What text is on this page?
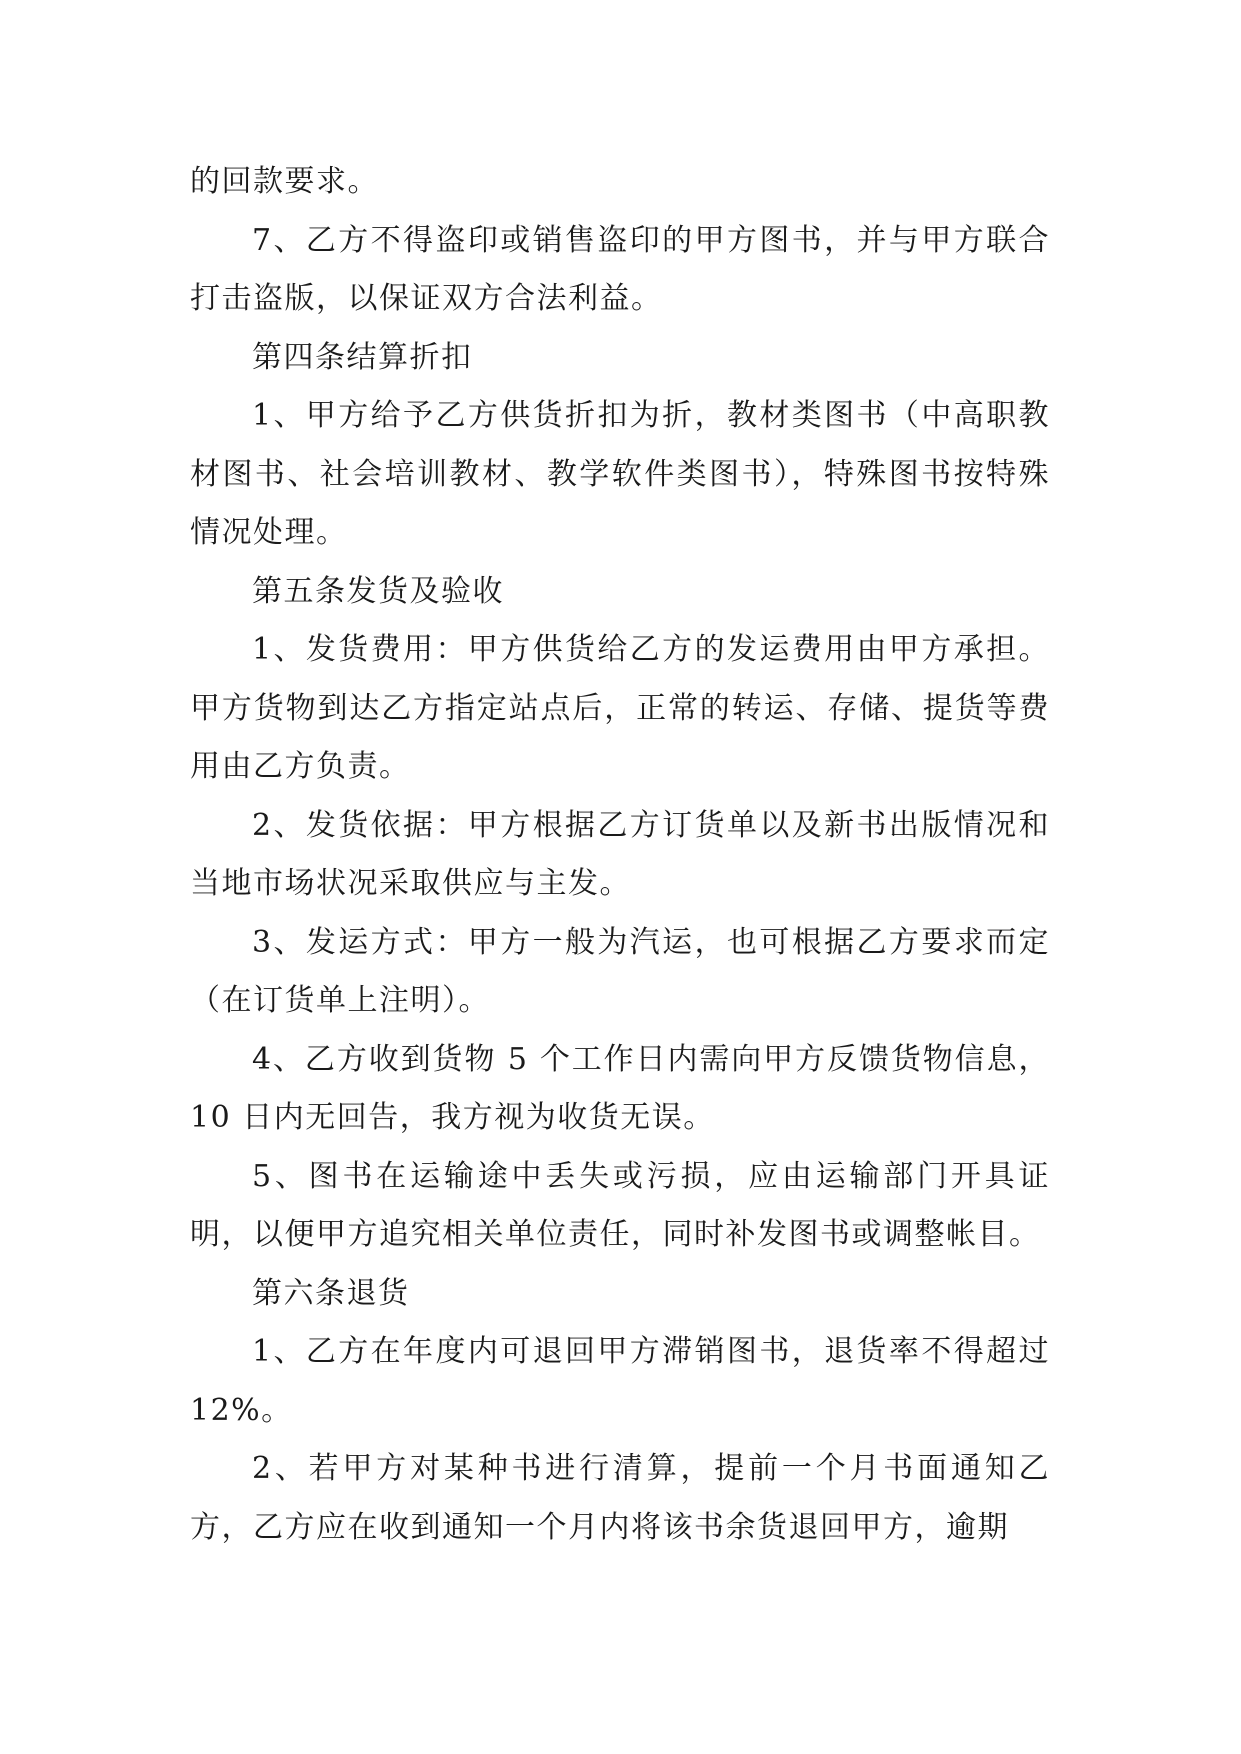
的回款要求。

7、乙方不得盗印或销售盗印的甲方图书，并与甲方联合打击盗版，以保证双方合法利益。

第四条结算折扣

1、甲方给予乙方供货折扣为折，教材类图书（中高职教材图书、社会培训教材、教学软件类图书），特殊图书按特殊情况处理。

第五条发货及验收

1、发货费用：甲方供货给乙方的发运费用由甲方承担。甲方货物到达乙方指定站点后，正常的转运、存储、提货等费用由乙方负责。

2、发货依据：甲方根据乙方订货单以及新书出版情况和当地市场状况采取供应与主发。

3、发运方式：甲方一般为汽运，也可根据乙方要求而定（在订货单上注明）。

4、乙方收到货物 5 个工作日内需向甲方反馈货物信息，10 日内无回告，我方视为收货无误。

5、图书在运输途中丢失或污损，应由运输部门开具证明，以便甲方追究相关单位责任，同时补发图书或调整帐目。

第六条退货

1、乙方在年度内可退回甲方滞销图书，退货率不得超过 12%。

2、若甲方对某种书进行清算，提前一个月书面通知乙方，乙方应在收到通知一个月内将该书余货退回甲方，逾期
